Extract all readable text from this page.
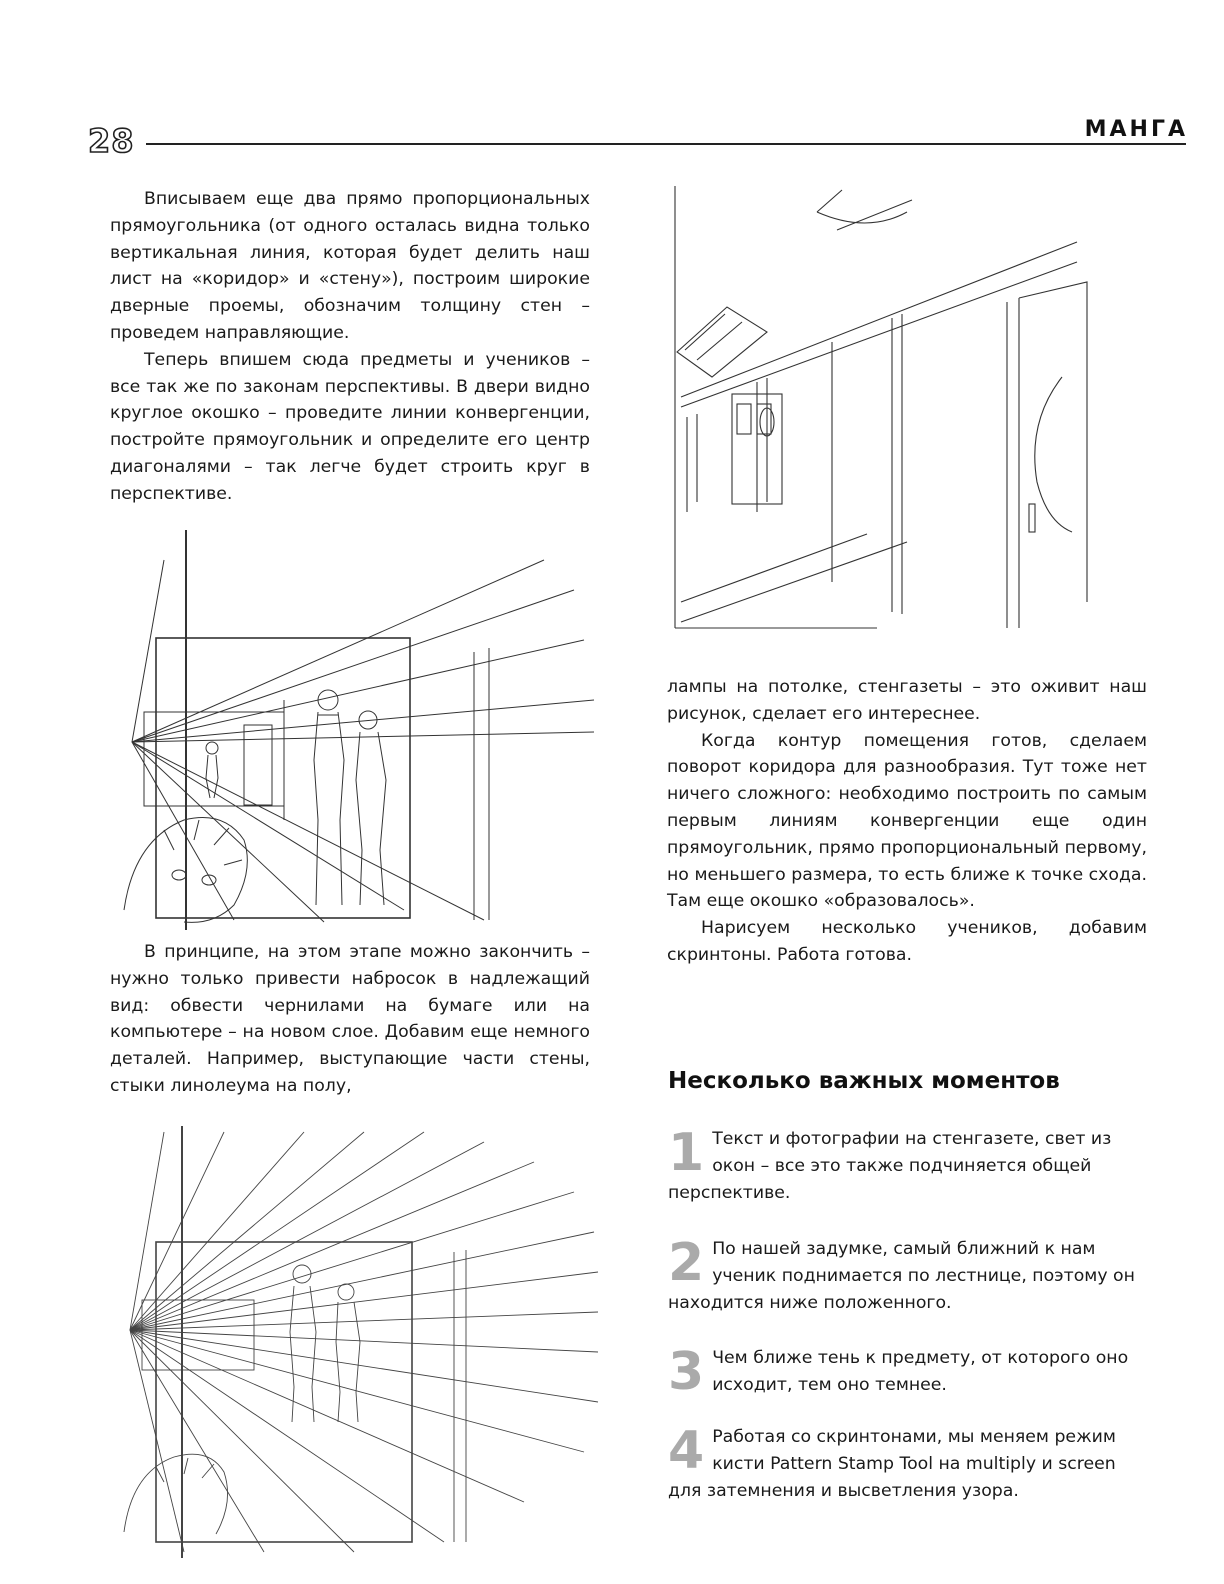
28	МАНГА

Вписываем еще два прямо пропорциональных прямоугольника (от одного осталась видна только вертикальная линия, которая будет делить наш лист на «коридор» и «стену»), построим широкие дверные проемы, обозначим толщину стен – проведем направляющие.

Теперь впишем сюда предметы и учеников – все так же по законам перспективы. В двери видно круглое окошко – проведите линии конвергенции, постройте прямоугольник и определите его центр диагоналями – так легче будет строить круг в перспективе.

В принципе, на этом этапе можно закончить – нужно только привести набросок в надлежащий вид: обвести чернилами на бумаге или на компьютере – на новом слое. Добавим еще немного деталей. Например, выступающие части стены, стыки линолеума на полу,

лампы на потолке, стенгазеты – это оживит наш рисунок, сделает его интереснее.

Когда контур помещения готов, сделаем поворот коридора для разнообразия. Тут тоже нет ничего сложного: необходимо построить по самым первым линиям конвергенции еще один прямоугольник, прямо пропорциональный первому, но меньшего размера, то есть ближе к точке схода. Там еще окошко «образовалось».

Нарисуем несколько учеников, добавим скринтоны. Работа готова.

Несколько важных моментов
1 Текст и фотографии на стенгазете, свет из окон – все это также подчиняется общей перспективе.
2 По нашей задумке, самый ближний к нам ученик поднимается по лестнице, поэтому он находится ниже положенного.
3 Чем ближе тень к предмету, от которого оно исходит, тем оно темнее.
4 Работая со скринтонами, мы меняем режим кисти Pattern Stamp Tool на multiply и screen для затемнения и высветления узора.
